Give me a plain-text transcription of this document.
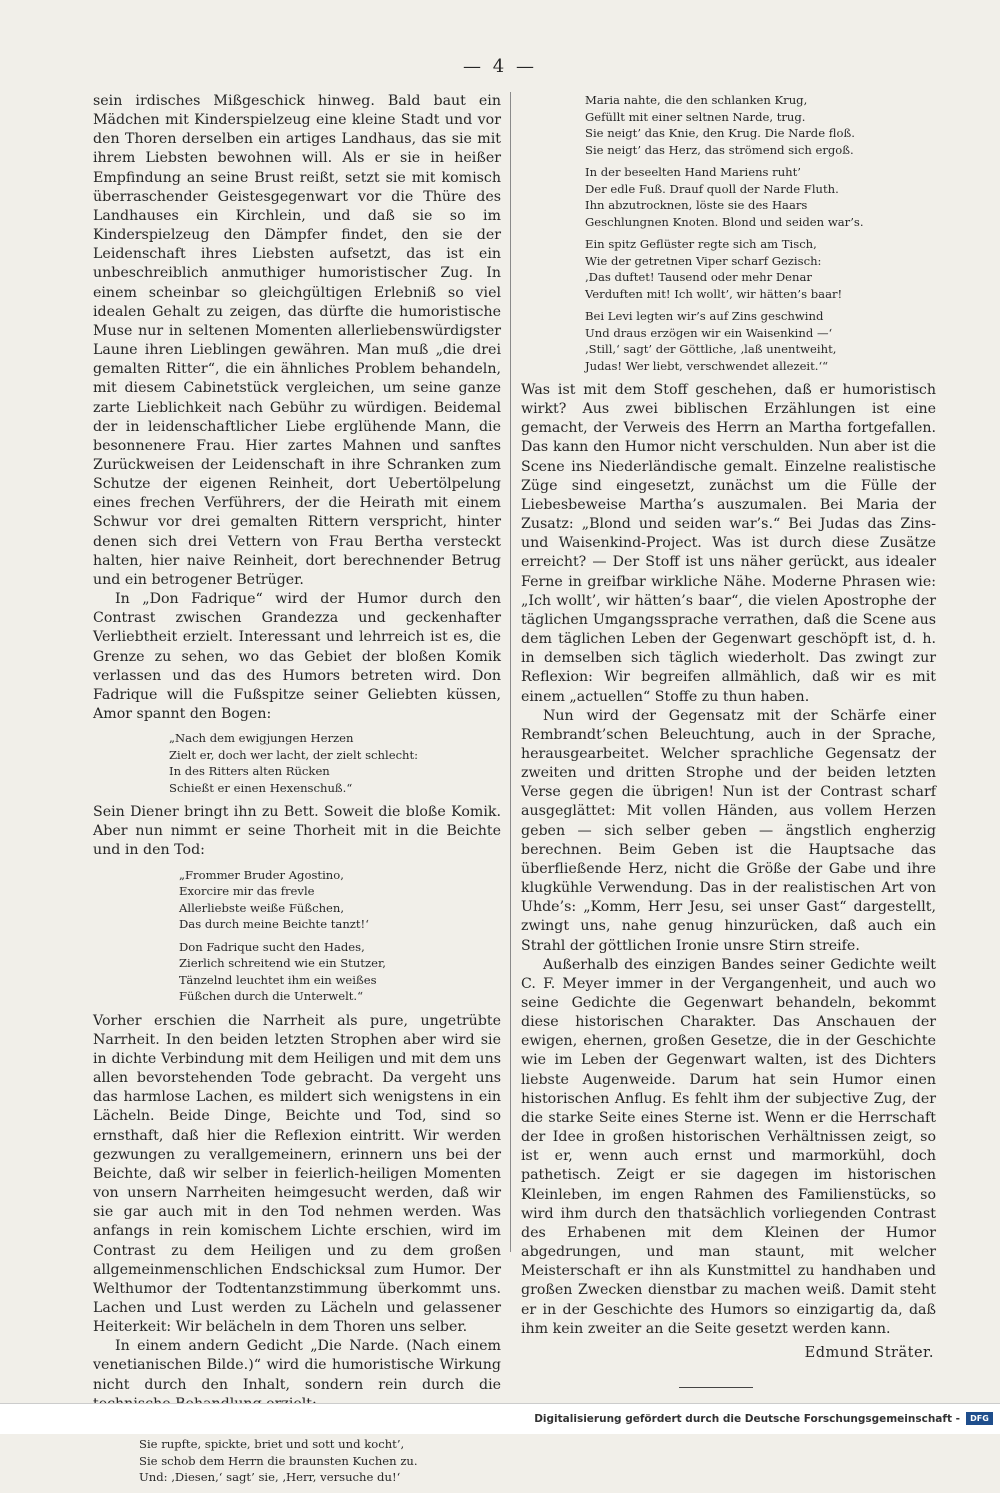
— 4 —

sein irdisches Mißgeschick hinweg. Bald baut ein Mädchen mit Kinderspielzeug eine kleine Stadt und vor den Thoren derselben ein artiges Landhaus, das sie mit ihrem Liebsten bewohnen will. Als er sie in heißer Empfindung an seine Brust reißt, setzt sie mit komisch überraschender Geistesgegenwart vor die Thüre des Landhauses ein Kirchlein, und daß sie so im Kinderspielzeug den Dämpfer findet, den sie der Leidenschaft ihres Liebsten aufsetzt, das ist ein unbeschreiblich anmuthiger humoristischer Zug. In einem scheinbar so gleichgültigen Erlebniß so viel idealen Gehalt zu zeigen, das dürfte die humoristische Muse nur in seltenen Momenten allerliebenswürdigster Laune ihren Lieblingen gewähren. Man muß „die drei gemalten Ritter“, die ein ähnliches Problem behandeln, mit diesem Cabinetstück vergleichen, um seine ganze zarte Lieblichkeit nach Gebühr zu würdigen. Beidemal der in leidenschaftlicher Liebe erglühende Mann, die besonnenere Frau. Hier zartes Mahnen und sanftes Zurückweisen der Leidenschaft in ihre Schranken zum Schutze der eigenen Reinheit, dort Uebertölpelung eines frechen Verführers, der die Heirath mit einem Schwur vor drei gemalten Rittern verspricht, hinter denen sich drei Vettern von Frau Bertha versteckt halten, hier naive Reinheit, dort berechnender Betrug und ein betrogener Betrüger.

In „Don Fadrique“ wird der Humor durch den Contrast zwischen Grandezza und geckenhafter Verliebtheit erzielt. Interessant und lehrreich ist es, die Grenze zu sehen, wo das Gebiet der bloßen Komik verlassen und das des Humors betreten wird. Don Fadrique will die Fußspitze seiner Geliebten küssen, Amor spannt den Bogen:

„Nach dem ewigjungen Herzen
Zielt er, doch wer lacht, der zielt schlecht:
In des Ritters alten Rücken
Schießt er einen Hexenschuß.“

Sein Diener bringt ihn zu Bett. Soweit die bloße Komik. Aber nun nimmt er seine Thorheit mit in die Beichte und in den Tod:

„Frommer Bruder Agostino,
Exorcire mir das frevle
Allerliebste weiße Füßchen,
Das durch meine Beichte tanzt!‘
Don Fadrique sucht den Hades,
Zierlich schreitend wie ein Stutzer,
Tänzelnd leuchtet ihm ein weißes
Füßchen durch die Unterwelt.“

Vorher erschien die Narrheit als pure, ungetrübte Narrheit. In den beiden letzten Strophen aber wird sie in dichte Verbindung mit dem Heiligen und mit dem uns allen bevorstehenden Tode gebracht. Da vergeht uns das harmlose Lachen, es mildert sich wenigstens in ein Lächeln. Beide Dinge, Beichte und Tod, sind so ernsthaft, daß hier die Reflexion eintritt. Wir werden gezwungen zu verallgemeinern, erinnern uns bei der Beichte, daß wir selber in feierlich-heiligen Momenten von unsern Narrheiten heimgesucht werden, daß wir sie gar auch mit in den Tod nehmen werden. Was anfangs in rein komischem Lichte erschien, wird im Contrast zu dem Heiligen und zu dem großen allgemeinmenschlichen Endschicksal zum Humor. Der Welthumor der Todtentanzstimmung überkommt uns. Lachen und Lust werden zu Lächeln und gelassener Heiterkeit: Wir belächeln in dem Thoren uns selber.

In einem andern Gedicht „Die Narde. (Nach einem venetianischen Bilde.)“ wird die humoristische Wirkung nicht durch den Inhalt, sondern rein durch die

Sie rupfte, spickte, briet und sott und kocht’,
Sie schob dem Herrn die braunsten Kuchen zu.
Und: ‚Diesen,‘ sagt’ sie, ‚Herr, versuche du!‘
Maria nahte, die den schlanken Krug,
Gefüllt mit einer seltnen Narde, trug.
Sie neigt’ das Knie, den Krug. Die Narde floß.
Sie neigt’ das Herz, das strömend sich ergoß.
In der beseelten Hand Mariens ruht’
Der edle Fuß. Drauf quoll der Narde Fluth.
Ihn abzutrocknen, löste sie des Haars
Geschlungnen Knoten. Blond und seiden war’s.
Ein spitz Geflüster regte sich am Tisch,
Wie der getretnen Viper scharf Gezisch:
‚Das duftet! Tausend oder mehr Denar
Verduften mit! Ich wollt’, wir hätten’s baar!
Bei Levi legten wir’s auf Zins geschwind
Und draus erzögen wir ein Waisenkind —‘
‚Still,‘ sagt’ der Göttliche, ‚laß unentweiht,
Judas! Wer liebt, verschwendet allezeit.‘“

Was ist mit dem Stoff geschehen, daß er humoristisch wirkt? Aus zwei biblischen Erzählungen ist eine gemacht, der Verweis des Herrn an Martha fortgefallen. Das kann den Humor nicht verschulden. Nun aber ist die Scene ins Niederländische gemalt. Einzelne realistische Züge sind eingesetzt, zunächst um die Fülle der Liebesbeweise Martha’s auszumalen. Bei Maria der Zusatz: „Blond und seiden war’s.“ Bei Judas das Zins- und Waisenkind-Project. Was ist durch diese Zusätze erreicht? — Der Stoff ist uns näher gerückt, aus idealer Ferne in greifbar wirkliche Nähe. Moderne Phrasen wie: „Ich wollt’, wir hätten’s baar“, die vielen Apostrophe der täglichen Umgangssprache verrathen, daß die Scene aus dem täglichen Leben der Gegenwart geschöpft ist, d. h. in demselben sich täglich wiederholt. Das zwingt zur Reflexion: Wir begreifen allmählich, daß wir es mit einem „actuellen“ Stoffe zu thun haben.

Nun wird der Gegensatz mit der Schärfe einer Rembrandt’schen Beleuchtung, auch in der Sprache, herausgearbeitet. Welcher sprachliche Gegensatz der zweiten und dritten Strophe und der beiden letzten Verse gegen die übrigen! Nun ist der Contrast scharf ausgeglättet: Mit vollen Händen, aus vollem Herzen geben — sich selber geben — ängstlich engherzig berechnen. Beim Geben ist die Hauptsache das überfließende Herz, nicht die Größe der Gabe und ihre klugkühle Verwendung. Das in der realistischen Art von Uhde’s: „Komm, Herr Jesu, sei unser Gast“ dargestellt, zwingt uns, nahe genug hinzurücken, daß auch ein Strahl der göttlichen Ironie unsre Stirn streife.

Außerhalb des einzigen Bandes seiner Gedichte weilt C. F. Meyer immer in der Vergangenheit, und auch wo seine Gedichte die Gegenwart behandeln, bekommt diese historischen Charakter. Das Anschauen der ewigen, ehernen, großen Gesetze, die in der Geschichte wie im Leben der Gegenwart walten, ist des Dichters liebste Augenweide. Darum hat sein Humor einen historischen Anflug. Es fehlt ihm der subjective Zug, der die starke Seite eines Sterne ist. Wenn er die Herrschaft der Idee in großen historischen Verhältnissen zeigt, so ist er, wenn auch ernst und marmorkühl, doch pathetisch. Zeigt er sie dagegen im historischen Kleinleben, im engen Rahmen des Familienstücks, so wird ihm durch den thatsächlich vorliegenden Contrast des Erhabenen mit dem Kleinen der Humor abgedrungen, und man staunt, mit welcher Meisterschaft er ihn als Kunstmittel zu handhaben und großen Zwecken dienstbar zu machen weiß. Damit steht er in der Geschichte des Humors so einzigartig da, daß ihm kein zweiter an die Seite gesetzt werden kann.

Edmund Sträter.
Digitalisierung gefördert durch die Deutsche Forschungsgemeinschaft -	DFG
